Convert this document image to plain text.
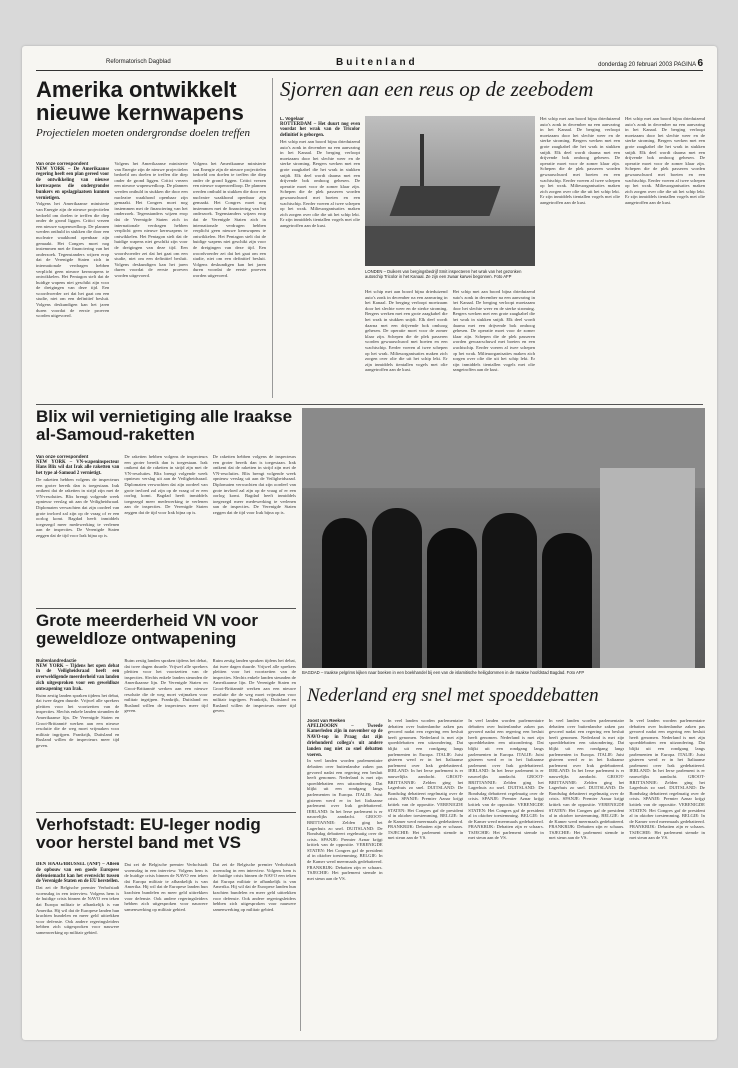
Reformatorisch Dagblad	Buitenland	donderdag 20 februari 2003 PAGINA 6
Amerika ontwikkelt nieuwe kernwapens
Projectielen moeten ondergrondse doelen treffen
Van onze correspondent
NEW YORK – De Amerikaanse regering heeft een plan gereed voor de ontwikkeling van nieuwe kernwapens die ondergrondse bunkers en opslagplaatsen kunnen vernietigen.
Volgens het Amerikaanse ministerie van Energie zijn de nieuwe projectielen bedoeld om doelen te treffen die diep onder de grond liggen. Critici vrezen een nieuwe wapenwedloop. De plannen werden onthuld in stukken die door een nucleaire waakhond openbaar zijn gemaakt. Het Congres moet nog instemmen met de financiering van het onderzoek. Tegenstanders wijzen erop dat de Verenigde Staten zich in internationale verdragen hebben verplicht geen nieuwe kernwapens te ontwikkelen. Het Pentagon stelt dat de huidige wapens niet geschikt zijn voor de dreigingen van deze tijd. Een woordvoerder zei dat het gaat om een studie, niet om een definitief besluit. Volgens deskundigen kan het jaren duren voordat de eerste proeven worden uitgevoerd.
Volgens het Amerikaanse ministerie van Energie zijn de nieuwe projectielen bedoeld om doelen te treffen die diep onder de grond liggen. Critici vrezen een nieuwe wapenwedloop. De plannen werden onthuld in stukken die door een nucleaire waakhond openbaar zijn gemaakt. Het Congres moet nog instemmen met de financiering van het onderzoek. Tegenstanders wijzen erop dat de Verenigde Staten zich in internationale verdragen hebben verplicht geen nieuwe kernwapens te ontwikkelen. Het Pentagon stelt dat de huidige wapens niet geschikt zijn voor de dreigingen van deze tijd. Een woordvoerder zei dat het gaat om een studie, niet om een definitief besluit. Volgens deskundigen kan het jaren duren voordat de eerste proeven worden uitgevoerd.
Volgens het Amerikaanse ministerie van Energie zijn de nieuwe projectielen bedoeld om doelen te treffen die diep onder de grond liggen. Critici vrezen een nieuwe wapenwedloop. De plannen werden onthuld in stukken die door een nucleaire waakhond openbaar zijn gemaakt. Het Congres moet nog instemmen met de financiering van het onderzoek. Tegenstanders wijzen erop dat de Verenigde Staten zich in internationale verdragen hebben verplicht geen nieuwe kernwapens te ontwikkelen. Het Pentagon stelt dat de huidige wapens niet geschikt zijn voor de dreigingen van deze tijd. Een woordvoerder zei dat het gaat om een studie, niet om een definitief besluit. Volgens deskundigen kan het jaren duren voordat de eerste proeven worden uitgevoerd.
Sjorren aan een reus op de zeebodem
L. Vogelaar
ROTTERDAM – Het duurt nog even voordat het wrak van de Tricolor definitief is geborgen.
Het schip met aan boord bijna drieduizend auto's zonk in december na een aanvaring in het Kanaal. De berging verloopt moeizaam door het slechte weer en de sterke stroming. Bergers werken met een grote zaagkabel die het wrak in stukken snijdt. Elk deel wordt daarna met een drijvende bok omhoog gehesen. De operatie moet voor de zomer klaar zijn. Schepen die de plek passeren worden gewaarschuwd met boeien en een wachtschip. Eerder voeren al twee schepen op het wrak. Milieuorganisaties maken zich zorgen over olie die uit het schip lekt. Er zijn inmiddels tientallen vogels met olie aangetroffen aan de kust.
LONDEN – Duikers van bergingsbedrijf Smit inspecteren het wrak van het gezonken autoschip Tricolor in het Kanaal. Ze zijn een zwaar karwei begonnen. Foto AFP
Het schip met aan boord bijna drieduizend auto's zonk in december na een aanvaring in het Kanaal. De berging verloopt moeizaam door het slechte weer en de sterke stroming. Bergers werken met een grote zaagkabel die het wrak in stukken snijdt. Elk deel wordt daarna met een drijvende bok omhoog gehesen. De operatie moet voor de zomer klaar zijn. Schepen die de plek passeren worden gewaarschuwd met boeien en een wachtschip. Eerder voeren al twee schepen op het wrak. Milieuorganisaties maken zich zorgen over olie die uit het schip lekt. Er zijn inmiddels tientallen vogels met olie aangetroffen aan de kust.
Het schip met aan boord bijna drieduizend auto's zonk in december na een aanvaring in het Kanaal. De berging verloopt moeizaam door het slechte weer en de sterke stroming. Bergers werken met een grote zaagkabel die het wrak in stukken snijdt. Elk deel wordt daarna met een drijvende bok omhoog gehesen. De operatie moet voor de zomer klaar zijn. Schepen die de plek passeren worden gewaarschuwd met boeien en een wachtschip. Eerder voeren al twee schepen op het wrak. Milieuorganisaties maken zich zorgen over olie die uit het schip lekt. Er zijn inmiddels tientallen vogels met olie aangetroffen aan de kust.
Het schip met aan boord bijna drieduizend auto's zonk in december na een aanvaring in het Kanaal. De berging verloopt moeizaam door het slechte weer en de sterke stroming. Bergers werken met een grote zaagkabel die het wrak in stukken snijdt. Elk deel wordt daarna met een drijvende bok omhoog gehesen. De operatie moet voor de zomer klaar zijn. Schepen die de plek passeren worden gewaarschuwd met boeien en een wachtschip. Eerder voeren al twee schepen op het wrak. Milieuorganisaties maken zich zorgen over olie die uit het schip lekt. Er zijn inmiddels tientallen vogels met olie aangetroffen aan de kust.
Het schip met aan boord bijna drieduizend auto's zonk in december na een aanvaring in het Kanaal. De berging verloopt moeizaam door het slechte weer en de sterke stroming. Bergers werken met een grote zaagkabel die het wrak in stukken snijdt. Elk deel wordt daarna met een drijvende bok omhoog gehesen. De operatie moet voor de zomer klaar zijn. Schepen die de plek passeren worden gewaarschuwd met boeien en een wachtschip. Eerder voeren al twee schepen op het wrak. Milieuorganisaties maken zich zorgen over olie die uit het schip lekt. Er zijn inmiddels tientallen vogels met olie aangetroffen aan de kust.
Blix wil vernietiging alle Iraakse al-Samoud-raketten
Van onze correspondent
NEW YORK – VN-wapeninspecteur Hans Blix wil dat Irak alle raketten van het type al-Samoud 2 vernietigt.
De raketten hebben volgens de inspecteurs een groter bereik dan is toegestaan. Irak ontkent dat de raketten in strijd zijn met de VN-resoluties. Blix brengt volgende week opnieuw verslag uit aan de Veiligheidsraad. Diplomaten verwachten dat zijn oordeel van grote invloed zal zijn op de vraag of er een oorlog komt. Bagdad heeft inmiddels toegezegd meer medewerking te verlenen aan de inspecties. De Verenigde Staten zeggen dat de tijd voor Irak bijna op is.
De raketten hebben volgens de inspecteurs een groter bereik dan is toegestaan. Irak ontkent dat de raketten in strijd zijn met de VN-resoluties. Blix brengt volgende week opnieuw verslag uit aan de Veiligheidsraad. Diplomaten verwachten dat zijn oordeel van grote invloed zal zijn op de vraag of er een oorlog komt. Bagdad heeft inmiddels toegezegd meer medewerking te verlenen aan de inspecties. De Verenigde Staten zeggen dat de tijd voor Irak bijna op is.
De raketten hebben volgens de inspecteurs een groter bereik dan is toegestaan. Irak ontkent dat de raketten in strijd zijn met de VN-resoluties. Blix brengt volgende week opnieuw verslag uit aan de Veiligheidsraad. Diplomaten verwachten dat zijn oordeel van grote invloed zal zijn op de vraag of er een oorlog komt. Bagdad heeft inmiddels toegezegd meer medewerking te verlenen aan de inspecties. De Verenigde Staten zeggen dat de tijd voor Irak bijna op is.
BAGDAD – Iraakse pelgrims kijken naar boeken in een boekhandel bij een van de islamitische heiligdommen in de Iraakse hoofdstad Bagdad. Foto AFP
Grote meerderheid VN voor geweldloze ontwapening
Buitenlandredactie
NEW YORK – Tijdens het open debat in de Veiligheidsraad heeft een overweldigende meerderheid van landen zich uitgesproken voor een geweldloze ontwapening van Irak.
Ruim zestig landen spraken tijdens het debat, dat twee dagen duurde. Vrijwel alle sprekers pleitten voor het voortzetten van de inspecties. Slechts enkele landen steunden de Amerikaanse lijn. De Verenigde Staten en Groot-Brittannië werken aan een nieuwe resolutie die de weg moet vrijmaken voor militair ingrijpen. Frankrijk, Duitsland en Rusland willen de inspecteurs meer tijd geven.
Ruim zestig landen spraken tijdens het debat, dat twee dagen duurde. Vrijwel alle sprekers pleitten voor het voortzetten van de inspecties. Slechts enkele landen steunden de Amerikaanse lijn. De Verenigde Staten en Groot-Brittannië werken aan een nieuwe resolutie die de weg moet vrijmaken voor militair ingrijpen. Frankrijk, Duitsland en Rusland willen de inspecteurs meer tijd geven.
Ruim zestig landen spraken tijdens het debat, dat twee dagen duurde. Vrijwel alle sprekers pleitten voor het voortzetten van de inspecties. Slechts enkele landen steunden de Amerikaanse lijn. De Verenigde Staten en Groot-Brittannië werken aan een nieuwe resolutie die de weg moet vrijmaken voor militair ingrijpen. Frankrijk, Duitsland en Rusland willen de inspecteurs meer tijd geven.
Verhofstadt: EU-leger nodig voor herstel band met VS
DEN HAAG/BRUSSEL (ANP) – Alleen de opbouw van een goede Europese defensiemacht kan het evenwicht tussen de Verenigde Staten en de EU herstellen.
Dat zei de Belgische premier Verhofstadt woensdag in een interview. Volgens hem is de huidige crisis binnen de NAVO een teken dat Europa militair te afhankelijk is van Amerika. Hij wil dat de Europese landen hun krachten bundelen en meer geld uittrekken voor defensie. Ook andere regeringsleiders hebben zich uitgesproken voor nauwere samenwerking op militair gebied.
Dat zei de Belgische premier Verhofstadt woensdag in een interview. Volgens hem is de huidige crisis binnen de NAVO een teken dat Europa militair te afhankelijk is van Amerika. Hij wil dat de Europese landen hun krachten bundelen en meer geld uittrekken voor defensie. Ook andere regeringsleiders hebben zich uitgesproken voor nauwere samenwerking op militair gebied.
Dat zei de Belgische premier Verhofstadt woensdag in een interview. Volgens hem is de huidige crisis binnen de NAVO een teken dat Europa militair te afhankelijk is van Amerika. Hij wil dat de Europese landen hun krachten bundelen en meer geld uittrekken voor defensie. Ook andere regeringsleiders hebben zich uitgesproken voor nauwere samenwerking op militair gebied.
Nederland erg snel met spoeddebatten
Joost van Reeken
APELDOORN – Tweede Kamerleden zijn in november op de NAVO-top in Praag dat zijn driehonderd collega's uit andere landen nog niet zo snel debatten voeren.
In veel landen worden parlementaire debatten over buitenlandse zaken pas gevoerd nadat een regering een besluit heeft genomen. Nederland is met zijn spoeddebatten een uitzondering. Dat blijkt uit een rondgang langs parlementen in Europa. ITALIE: Juist gisteren werd er in het Italiaanse parlement over Irak gedebatteerd. IERLAND: In het Ierse parlement is er nauwelijks aandacht. GROOT-BRITTANNIE: Zelden ging het Lagerhuis zo snel. DUITSLAND: De Bondsdag debatteert regelmatig over de crisis. SPANJE: Premier Aznar krijgt kritiek van de oppositie. VERENIGDE STATEN: Het Congres gaf de president al in oktober toestemming. BELGIE: In de Kamer werd meermaals gedebatteerd. FRANKRIJK: Debatten zijn er schaars. TSJECHIE: Het parlement stemde in met steun aan de VS.
In veel landen worden parlementaire debatten over buitenlandse zaken pas gevoerd nadat een regering een besluit heeft genomen. Nederland is met zijn spoeddebatten een uitzondering. Dat blijkt uit een rondgang langs parlementen in Europa. ITALIE: Juist gisteren werd er in het Italiaanse parlement over Irak gedebatteerd. IERLAND: In het Ierse parlement is er nauwelijks aandacht. GROOT-BRITTANNIE: Zelden ging het Lagerhuis zo snel. DUITSLAND: De Bondsdag debatteert regelmatig over de crisis. SPANJE: Premier Aznar krijgt kritiek van de oppositie. VERENIGDE STATEN: Het Congres gaf de president al in oktober toestemming. BELGIE: In de Kamer werd meermaals gedebatteerd. FRANKRIJK: Debatten zijn er schaars. TSJECHIE: Het parlement stemde in met steun aan de VS.
In veel landen worden parlementaire debatten over buitenlandse zaken pas gevoerd nadat een regering een besluit heeft genomen. Nederland is met zijn spoeddebatten een uitzondering. Dat blijkt uit een rondgang langs parlementen in Europa. ITALIE: Juist gisteren werd er in het Italiaanse parlement over Irak gedebatteerd. IERLAND: In het Ierse parlement is er nauwelijks aandacht. GROOT-BRITTANNIE: Zelden ging het Lagerhuis zo snel. DUITSLAND: De Bondsdag debatteert regelmatig over de crisis. SPANJE: Premier Aznar krijgt kritiek van de oppositie. VERENIGDE STATEN: Het Congres gaf de president al in oktober toestemming. BELGIE: In de Kamer werd meermaals gedebatteerd. FRANKRIJK: Debatten zijn er schaars. TSJECHIE: Het parlement stemde in met steun aan de VS.
In veel landen worden parlementaire debatten over buitenlandse zaken pas gevoerd nadat een regering een besluit heeft genomen. Nederland is met zijn spoeddebatten een uitzondering. Dat blijkt uit een rondgang langs parlementen in Europa. ITALIE: Juist gisteren werd er in het Italiaanse parlement over Irak gedebatteerd. IERLAND: In het Ierse parlement is er nauwelijks aandacht. GROOT-BRITTANNIE: Zelden ging het Lagerhuis zo snel. DUITSLAND: De Bondsdag debatteert regelmatig over de crisis. SPANJE: Premier Aznar krijgt kritiek van de oppositie. VERENIGDE STATEN: Het Congres gaf de president al in oktober toestemming. BELGIE: In de Kamer werd meermaals gedebatteerd. FRANKRIJK: Debatten zijn er schaars. TSJECHIE: Het parlement stemde in met steun aan de VS.
In veel landen worden parlementaire debatten over buitenlandse zaken pas gevoerd nadat een regering een besluit heeft genomen. Nederland is met zijn spoeddebatten een uitzondering. Dat blijkt uit een rondgang langs parlementen in Europa. ITALIE: Juist gisteren werd er in het Italiaanse parlement over Irak gedebatteerd. IERLAND: In het Ierse parlement is er nauwelijks aandacht. GROOT-BRITTANNIE: Zelden ging het Lagerhuis zo snel. DUITSLAND: De Bondsdag debatteert regelmatig over de crisis. SPANJE: Premier Aznar krijgt kritiek van de oppositie. VERENIGDE STATEN: Het Congres gaf de president al in oktober toestemming. BELGIE: In de Kamer werd meermaals gedebatteerd. FRANKRIJK: Debatten zijn er schaars. TSJECHIE: Het parlement stemde in met steun aan de VS.
